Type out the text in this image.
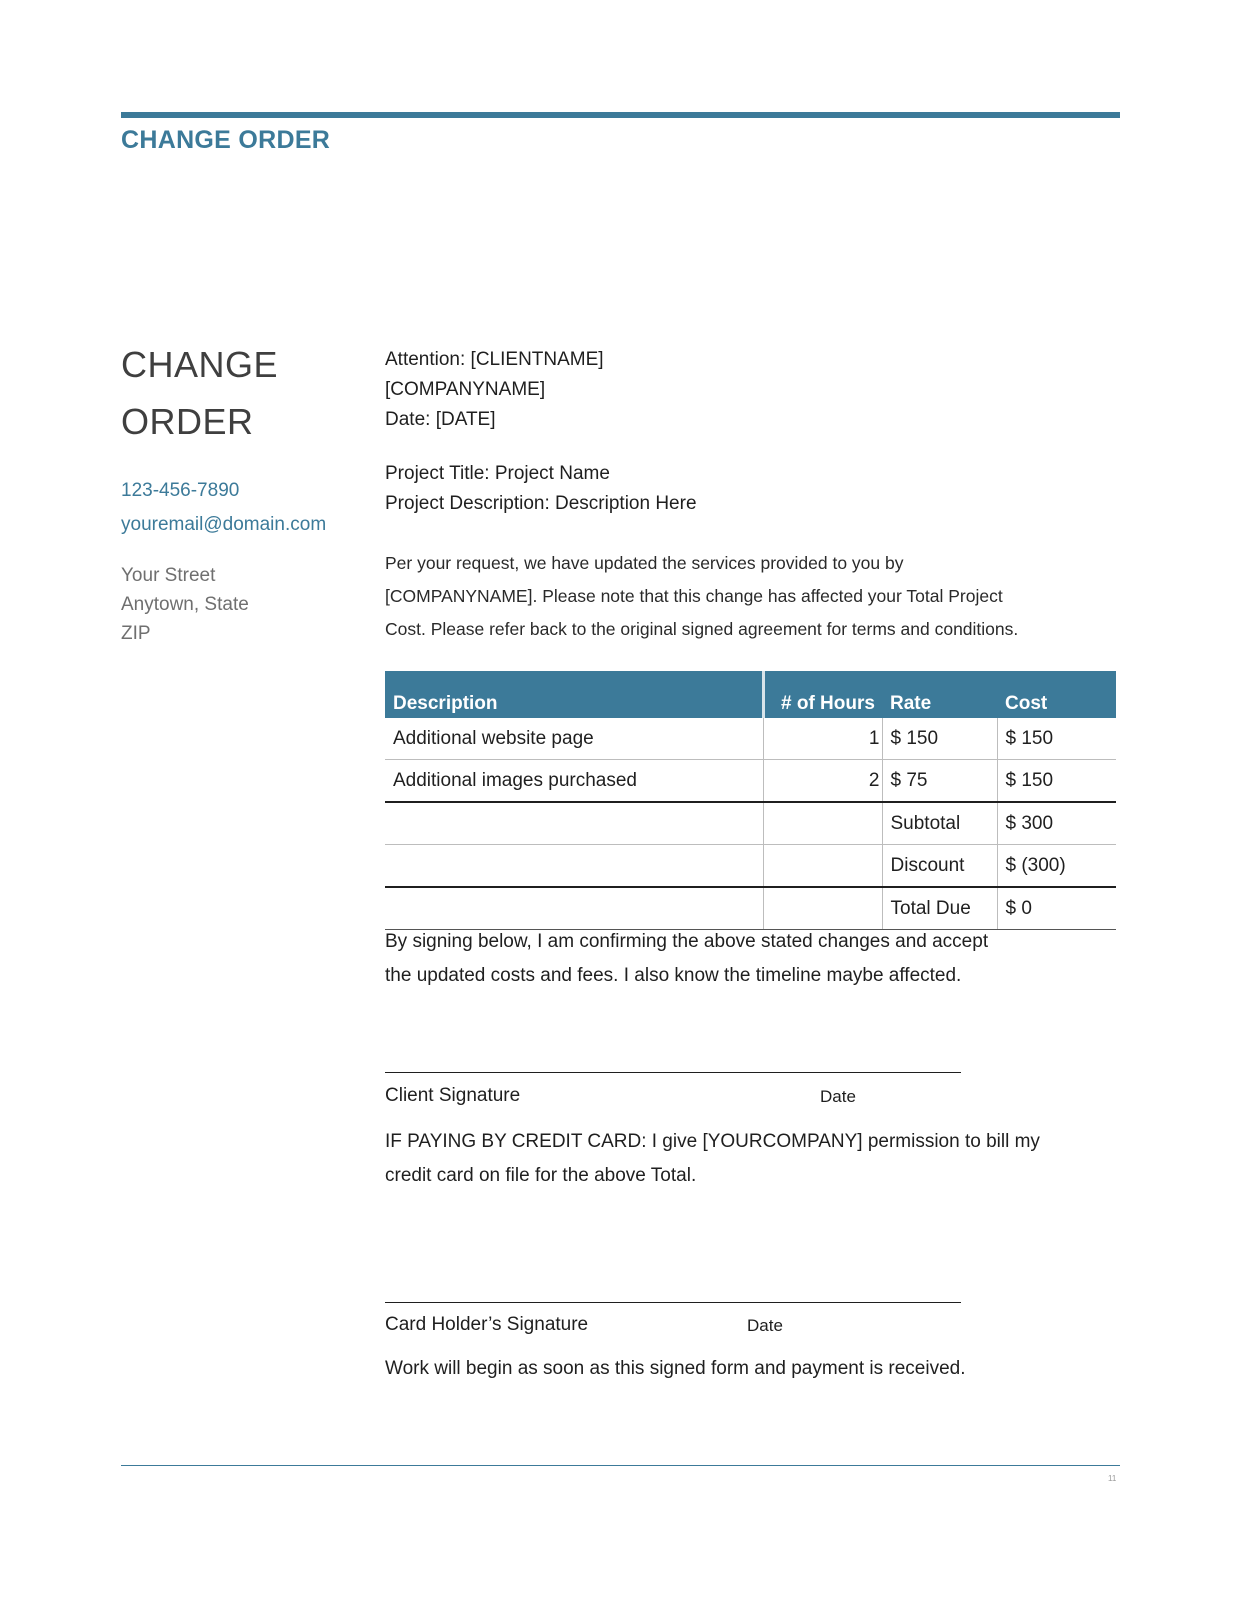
CHANGE ORDER
CHANGE
ORDER
123-456-7890
youremail@domain.com
Your Street
Anytown, State
ZIP
Attention: [CLIENTNAME]
[COMPANYNAME]
Date: [DATE]
Project Title: Project Name
Project Description: Description Here
Per your request, we have updated the services provided to you by
[COMPANYNAME]. Please note that this change has affected your Total Project
Cost. Please refer back to the original signed agreement for terms and conditions.
Description	# of Hours	Rate	Cost
Additional website page	1	$ 150	$ 150
Additional images purchased	2	$ 75	$ 150
		Subtotal	$ 300
		Discount	$ (300)
		Total Due	$ 0
By signing below, I am confirming the above stated changes and accept
the updated costs and fees. I also know the timeline maybe affected.
Client Signature	Date
IF PAYING BY CREDIT CARD: I give [YOURCOMPANY] permission to bill my
credit card on file for the above Total.
Card Holder’s Signature	Date
Work will begin as soon as this signed form and payment is received.
11
